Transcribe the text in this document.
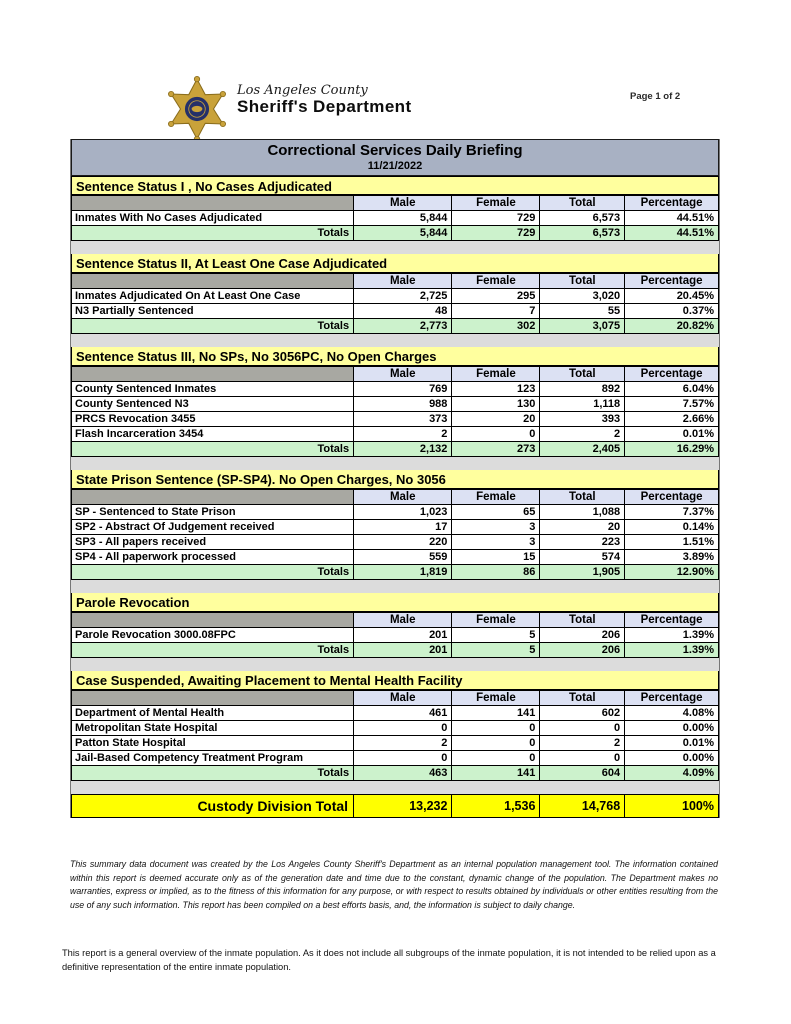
Los Angeles County
Sheriff's Department
Page 1 of 2
Correctional Services Daily Briefing
11/21/2022
Sentence Status I , No Cases Adjudicated
	Male	Female	Total	Percentage
Inmates With No Cases Adjudicated	5,844	729	6,573	44.51%
Totals	5,844	729	6,573	44.51%
Sentence Status II, At Least One Case Adjudicated
	Male	Female	Total	Percentage
Inmates Adjudicated On At Least One Case	2,725	295	3,020	20.45%
N3 Partially Sentenced	48	7	55	0.37%
Totals	2,773	302	3,075	20.82%
Sentence Status III, No SPs, No 3056PC, No Open Charges
	Male	Female	Total	Percentage
County Sentenced Inmates	769	123	892	6.04%
County Sentenced N3	988	130	1,118	7.57%
PRCS Revocation 3455	373	20	393	2.66%
Flash Incarceration 3454	2	0	2	0.01%
Totals	2,132	273	2,405	16.29%
State Prison Sentence (SP-SP4). No Open Charges, No 3056
	Male	Female	Total	Percentage
SP - Sentenced to State Prison	1,023	65	1,088	7.37%
SP2 - Abstract Of Judgement received	17	3	20	0.14%
SP3 - All papers received	220	3	223	1.51%
SP4 - All paperwork processed	559	15	574	3.89%
Totals	1,819	86	1,905	12.90%
Parole Revocation
	Male	Female	Total	Percentage
Parole Revocation 3000.08FPC	201	5	206	1.39%
Totals	201	5	206	1.39%
Case Suspended, Awaiting Placement to Mental Health Facility
	Male	Female	Total	Percentage
Department of Mental Health	461	141	602	4.08%
Metropolitan State Hospital	0	0	0	0.00%
Patton State Hospital	2	0	2	0.01%
Jail-Based Competency Treatment Program	0	0	0	0.00%
Totals	463	141	604	4.09%
Custody Division Total	13,232	1,536	14,768	100%

This summary data document was created by the Los Angeles County Sheriff's Department as an internal population management tool. The information contained within this report is deemed accurate only as of the generation date and time due to the constant, dynamic change of the population. The Department makes no warranties, express or implied, as to the fitness of this information for any purpose, or with respect to results obtained by individuals or other entities resulting from the use of any such information. This report has been compiled on a best efforts basis, and, the information is subject to daily change.

This report is a general overview of the inmate population. As it does not include all subgroups of the inmate population, it is not intended to be relied upon as a definitive representation of the entire inmate population.
